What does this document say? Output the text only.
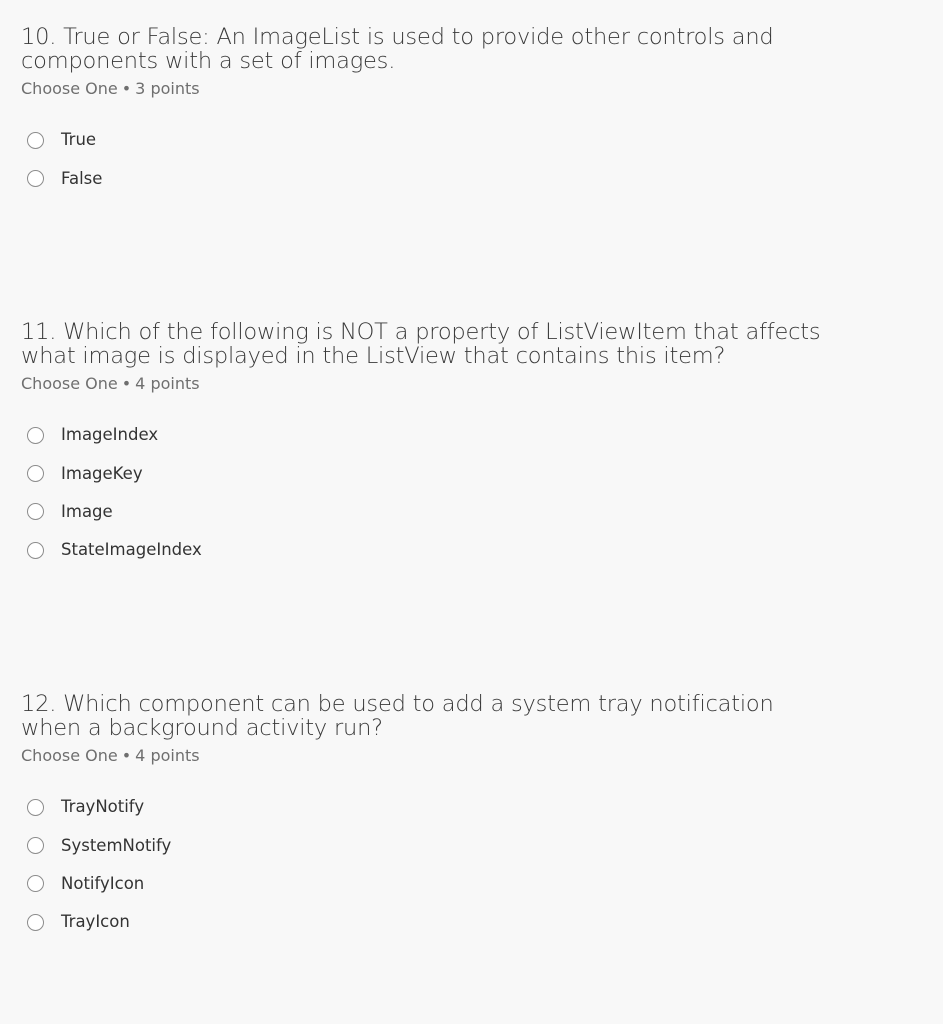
10. True or False: An ImageList is used to provide other controls and components with a set of images.

Choose One • 3 points
True
False

11. Which of the following is NOT a property of ListViewItem that affects what image is displayed in the ListView that contains this item?

Choose One • 4 points
ImageIndex
ImageKey
Image
StateImageIndex

12. Which component can be used to add a system tray notification when a background activity run?

Choose One • 4 points
TrayNotify
SystemNotify
NotifyIcon
TrayIcon
